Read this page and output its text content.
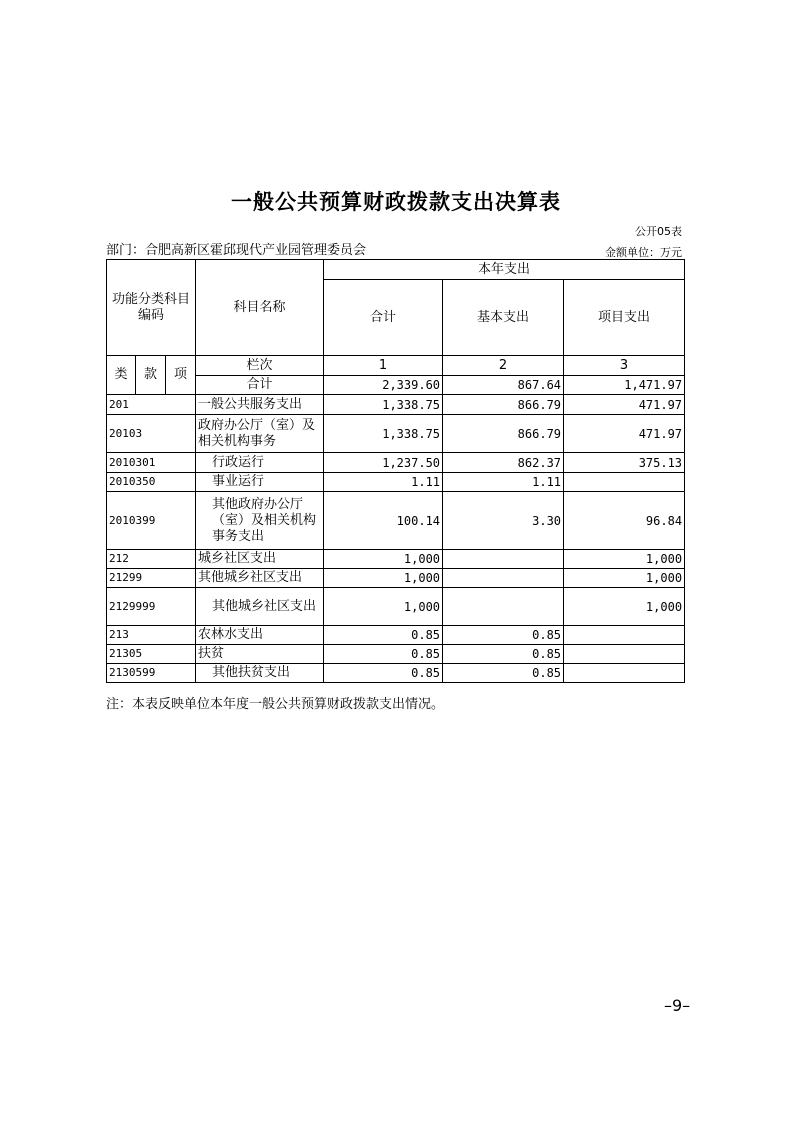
一般公共预算财政拨款支出决算表
公开05表
部门：合肥高新区霍邱现代产业园管理委员会	金额单位：万元
功能分类科目编码			科目名称	本年支出		
				合计	基本支出	项目支出

类	款	项	栏次	1	2	3
			合计	2,339.60	867.64	1,471.97
201			一般公共服务支出	1,338.75	866.79	471.97
20103			政府办公厅（室）及相关机构事务	1,338.75	866.79	471.97
2010301			行政运行	1,237.50	862.37	375.13
2010350			事业运行	1.11	1.11	
2010399			其他政府办公厅（室）及相关机构事务支出	100.14	3.30	96.84
212			城乡社区支出	1,000		1,000
21299			其他城乡社区支出	1,000		1,000
2129999			其他城乡社区支出	1,000		1,000
213			农林水支出	0.85	0.85	
21305			扶贫	0.85	0.85	
2130599			其他扶贫支出	0.85	0.85	
注：本表反映单位本年度一般公共预算财政拨款支出情况。
–9–
